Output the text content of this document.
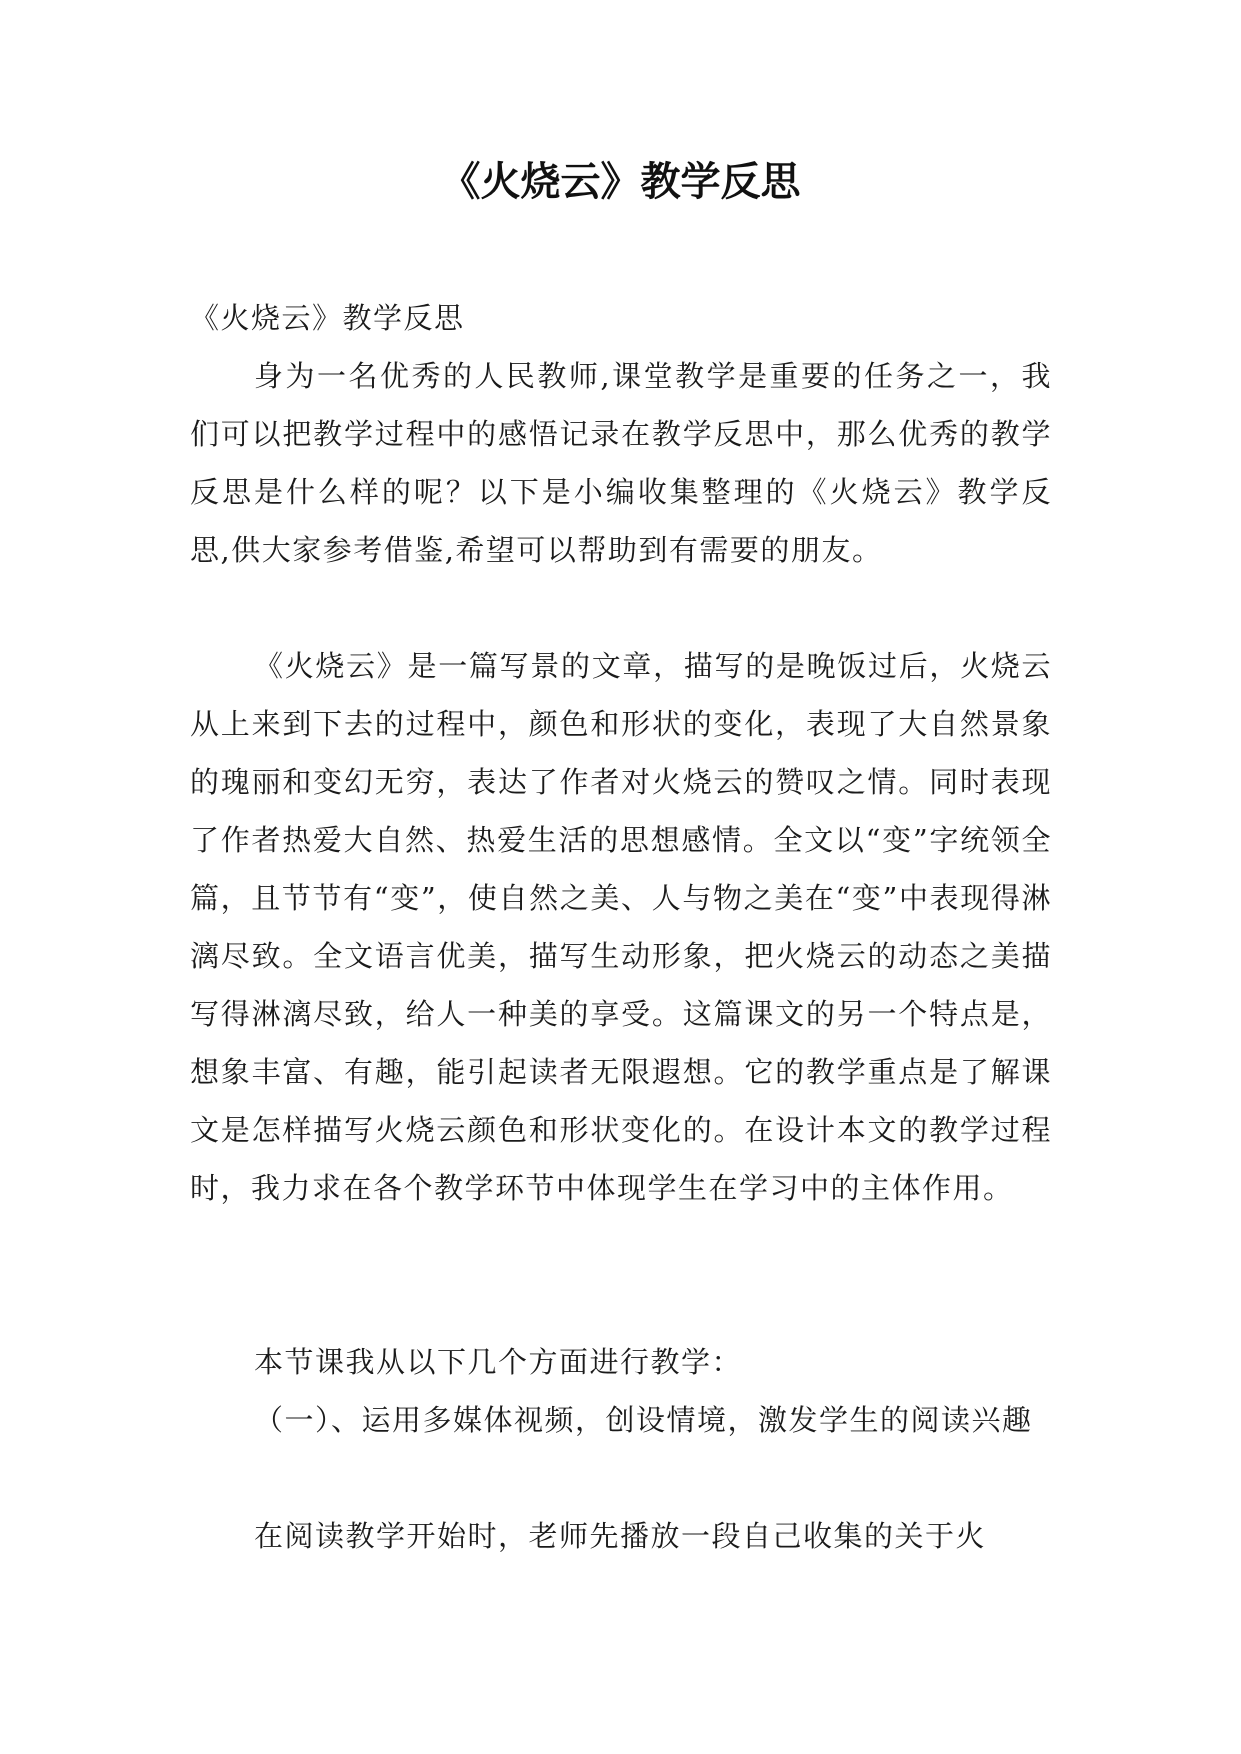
《火烧云》教学反思

《火烧云》教学反思

身为一名优秀的人民教师,课堂教学是重要的任务之一，我们可以把教学过程中的感悟记录在教学反思中，那么优秀的教学反思是什么样的呢？以下是小编收集整理的《火烧云》教学反思,供大家参考借鉴,希望可以帮助到有需要的朋友。

《火烧云》是一篇写景的文章，描写的是晚饭过后，火烧云从上来到下去的过程中，颜色和形状的变化，表现了大自然景象的瑰丽和变幻无穷，表达了作者对火烧云的赞叹之情。同时表现了作者热爱大自然、热爱生活的思想感情。全文以“变”字统领全篇，且节节有“变”，使自然之美、人与物之美在“变”中表现得淋漓尽致。全文语言优美，描写生动形象，把火烧云的动态之美描写得淋漓尽致，给人一种美的享受。这篇课文的另一个特点是，想象丰富、有趣，能引起读者无限遐想。它的教学重点是了解课文是怎样描写火烧云颜色和形状变化的。在设计本文的教学过程时，我力求在各个教学环节中体现学生在学习中的主体作用。

本节课我从以下几个方面进行教学：

（一）、运用多媒体视频，创设情境，激发学生的阅读兴趣

在阅读教学开始时，老师先播放一段自己收集的关于火
